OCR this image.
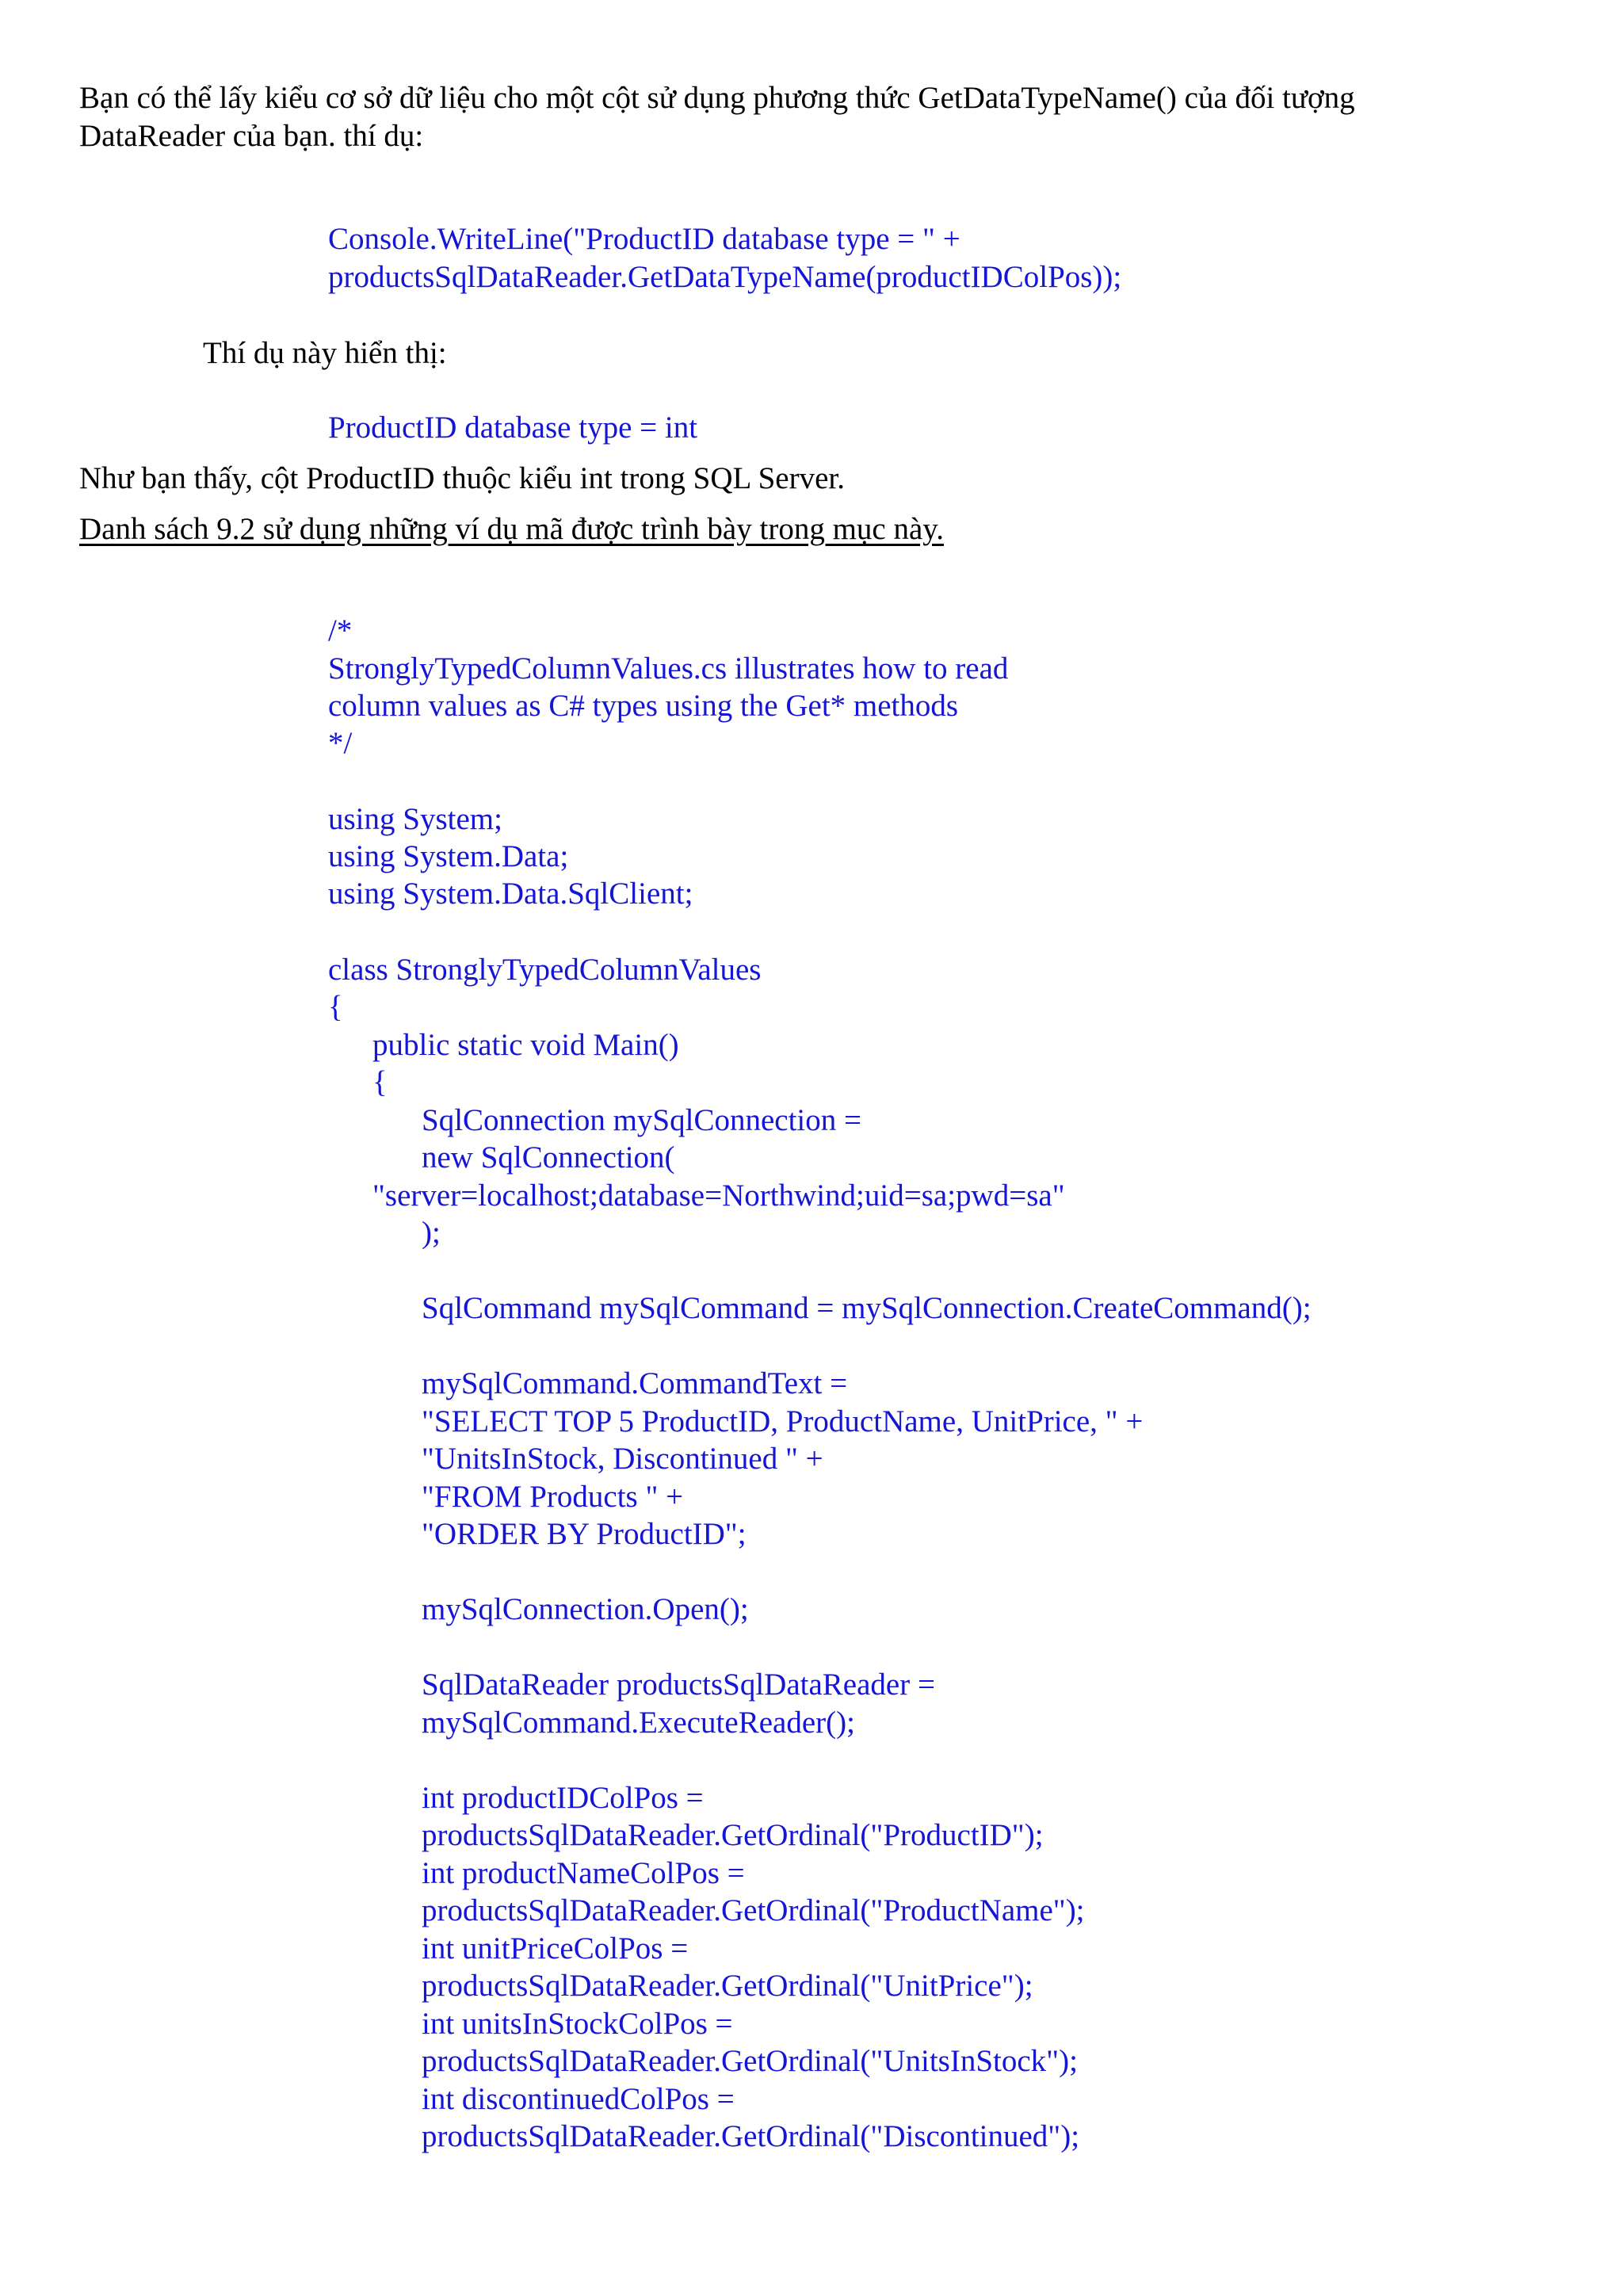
Bạn có thể lấy kiểu cơ sở dữ liệu cho một cột sử dụng phương thức GetDataTypeName() của đối tượng

DataReader của bạn. thí dụ:

Console.WriteLine("ProductID database type = " +

productsSqlDataReader.GetDataTypeName(productIDColPos));

Thí dụ này hiển thị:

ProductID database type = int

Như bạn thấy, cột ProductID thuộc kiểu int trong SQL Server.

Danh sách 9.2 sử dụng những ví dụ mã được trình bày trong mục này.

/*

StronglyTypedColumnValues.cs illustrates how to read

column values as C# types using the Get* methods

*/

using System;

using System.Data;

using System.Data.SqlClient;

class StronglyTypedColumnValues

{

public static void Main()

{

SqlConnection mySqlConnection =

new SqlConnection(

"server=localhost;database=Northwind;uid=sa;pwd=sa"

);

SqlCommand mySqlCommand = mySqlConnection.CreateCommand();

mySqlCommand.CommandText =

"SELECT TOP 5 ProductID, ProductName, UnitPrice, " +

"UnitsInStock, Discontinued " +

"FROM Products " +

"ORDER BY ProductID";

mySqlConnection.Open();

SqlDataReader productsSqlDataReader =

mySqlCommand.ExecuteReader();

int productIDColPos =

productsSqlDataReader.GetOrdinal("ProductID");

int productNameColPos =

productsSqlDataReader.GetOrdinal("ProductName");

int unitPriceColPos =

productsSqlDataReader.GetOrdinal("UnitPrice");

int unitsInStockColPos =

productsSqlDataReader.GetOrdinal("UnitsInStock");

int discontinuedColPos =

productsSqlDataReader.GetOrdinal("Discontinued");
